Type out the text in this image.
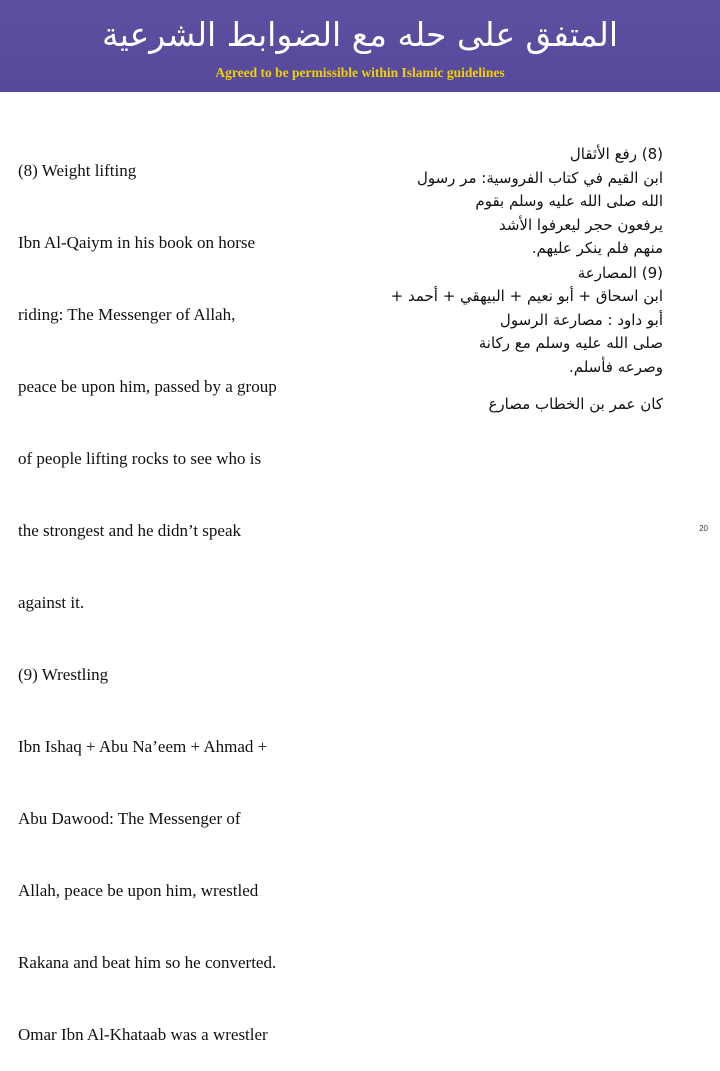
المتفق على حله مع الضوابط الشرعية
Agreed to be permissible within Islamic guidelines

(8) Weight lifting

Ibn Al-Qaiym in his book on horse

riding: The Messenger of Allah,

peace be upon him, passed by a group

of people lifting rocks to see who is

the strongest and he didn’t speak

against it.

(9) Wrestling

Ibn Ishaq + Abu Na’eem + Ahmad +

Abu Dawood: The Messenger of

Allah, peace be upon him, wrestled

Rakana and beat him so he converted.

Omar Ibn Al-Khataab was a wrestler

(8) رفع الأثقال
ابن القيم في كتاب الفروسية: مر رسول
الله صلى الله عليه وسلم بقوم
يرفعون حجر ليعرفوا الأشد
منهم فلم ينكر عليهم.
(9) المصارعة
ابن اسحاق + أبو نعيم + البيهقي + أحمد +
أبو داود : مصارعة الرسول
صلى الله عليه وسلم مع ركانة
وصرعه فأسلم.
كان عمر بن الخطاب مصارع
20
